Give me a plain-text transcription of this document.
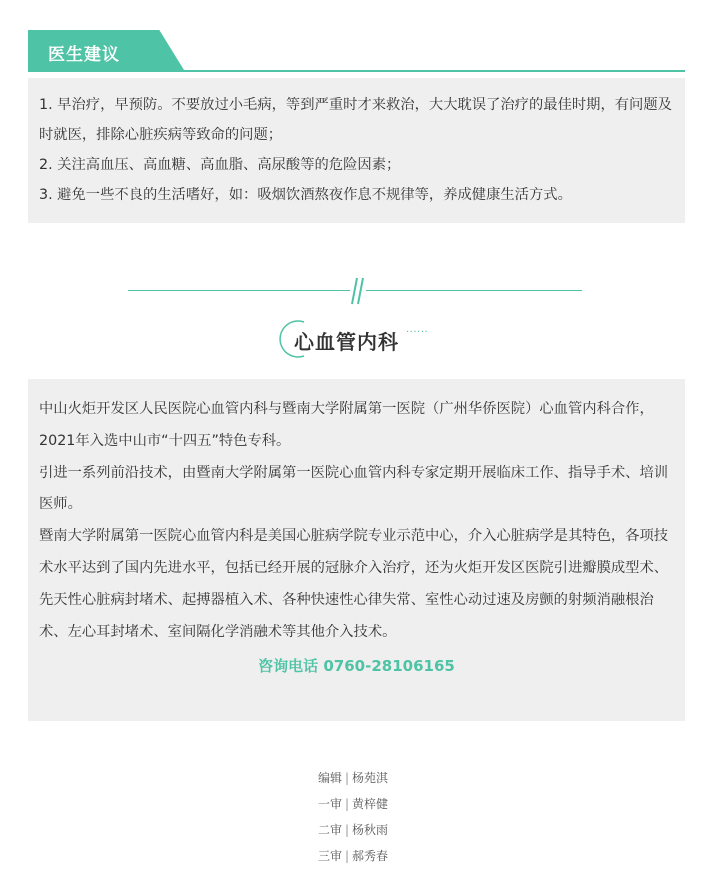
医生建议

1. 早治疗，早预防。不要放过小毛病，等到严重时才来救治，大大耽误了治疗的最佳时期，有问题及时就医，排除心脏疾病等致命的问题；

2. 关注高血压、高血糖、高血脂、高尿酸等的危险因素；

3. 避免一些不良的生活嗜好，如：吸烟饮酒熬夜作息不规律等，养成健康生活方式。

心血管内科
......

中山火炬开发区人民医院心血管内科与暨南大学附属第一医院（广州华侨医院）心血管内科合作，2021年入选中山市“十四五”特色专科。

引进一系列前沿技术，由暨南大学附属第一医院心血管内科专家定期开展临床工作、指导手术、培训医师。

暨南大学附属第一医院心血管内科是美国心脏病学院专业示范中心，介入心脏病学是其特色，各项技术水平达到了国内先进水平，包括已经开展的冠脉介入治疗，还为火炬开发区医院引进瓣膜成型术、先天性心脏病封堵术、起搏器植入术、各种快速性心律失常、室性心动过速及房颤的射频消融根治术、左心耳封堵术、室间隔化学消融术等其他介入技术。

咨询电话 0760-28106165

编辑 | 杨苑淇
一审 | 黄梓健
二审 | 杨秋雨
三审 | 郝秀春
